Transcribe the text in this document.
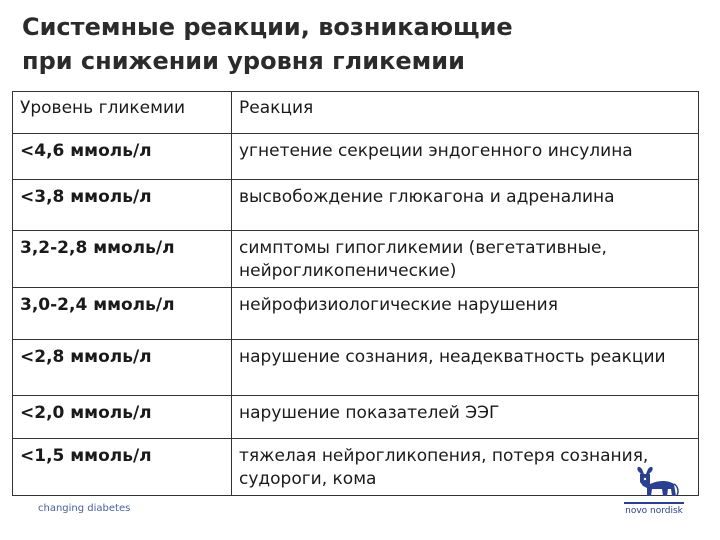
Системные реакции, возникающие
при снижении уровня гликемии
Уровень гликемии	Реакция
<4,6 ммоль/л	угнетение секреции эндогенного инсулина
<3,8 ммоль/л	высвобождение глюкагона и адреналина
3,2-2,8 ммоль/л	симптомы гипогликемии (вегетативные, нейрогликопенические)
3,0-2,4 ммоль/л	нейрофизиологические нарушения
<2,8 ммоль/л	нарушение сознания, неадекватность реакции
<2,0 ммоль/л	нарушение показателей ЭЭГ
<1,5 ммоль/л	тяжелая нейрогликопения, потеря сознания, судороги, кома
changing diabetes	novo nordisk
